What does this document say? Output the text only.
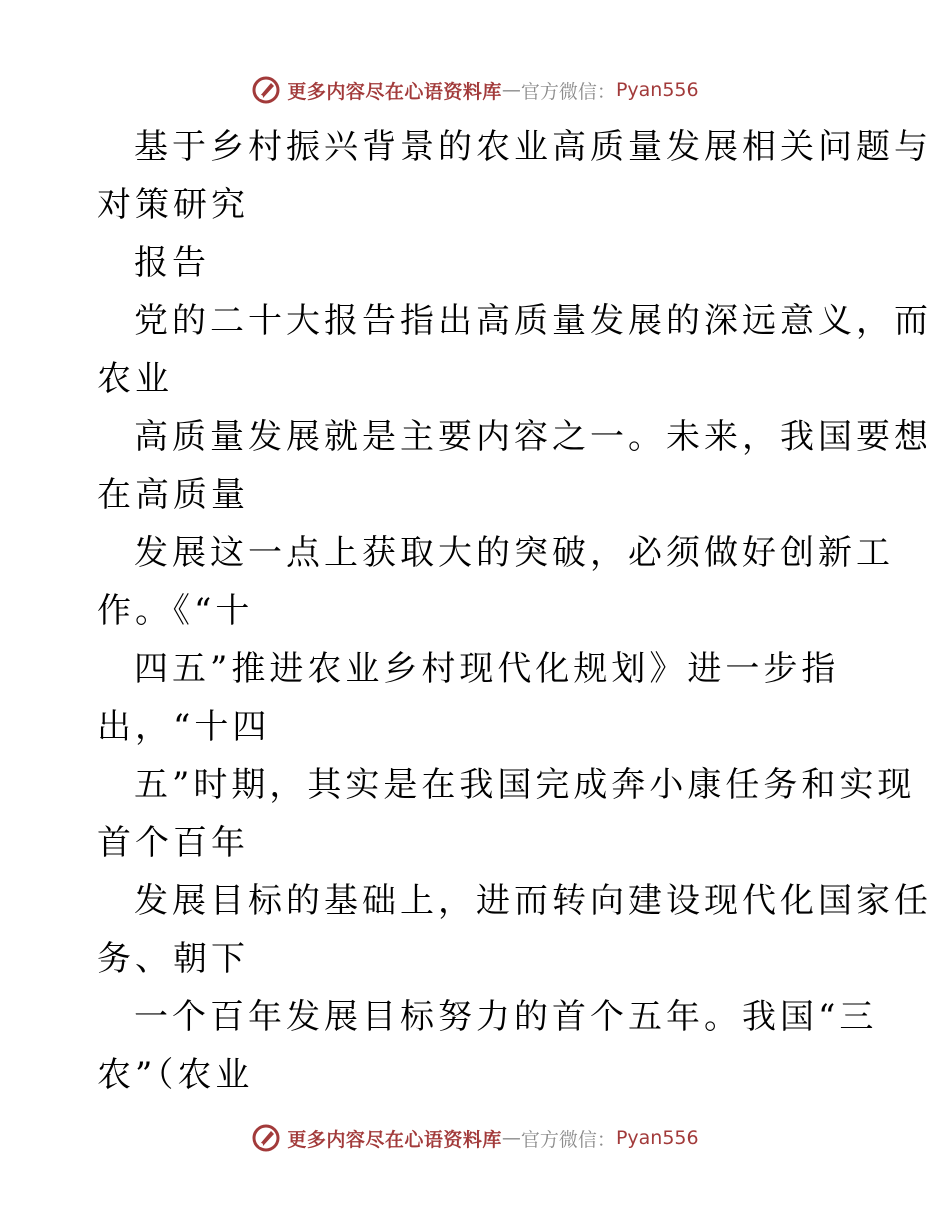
更多内容尽在心语资料库 — 官方微信： Pyan556
基于乡村振兴背景的农业高质量发展相关问题与
对策研究
报告
党的二十大报告指出高质量发展的深远意义，而
农业
高质量发展就是主要内容之一。未来，我国要想
在高质量
发展这一点上获取大的突破，必须做好创新工
作。《“十
四五”推进农业乡村现代化规划》进一步指
出，“十四
五”时期，其实是在我国完成奔小康任务和实现
首个百年
发展目标的基础上，进而转向建设现代化国家任
务、朝下
一个百年发展目标努力的首个五年。我国“三
农”（农业
更多内容尽在心语资料库 — 官方微信： Pyan556
